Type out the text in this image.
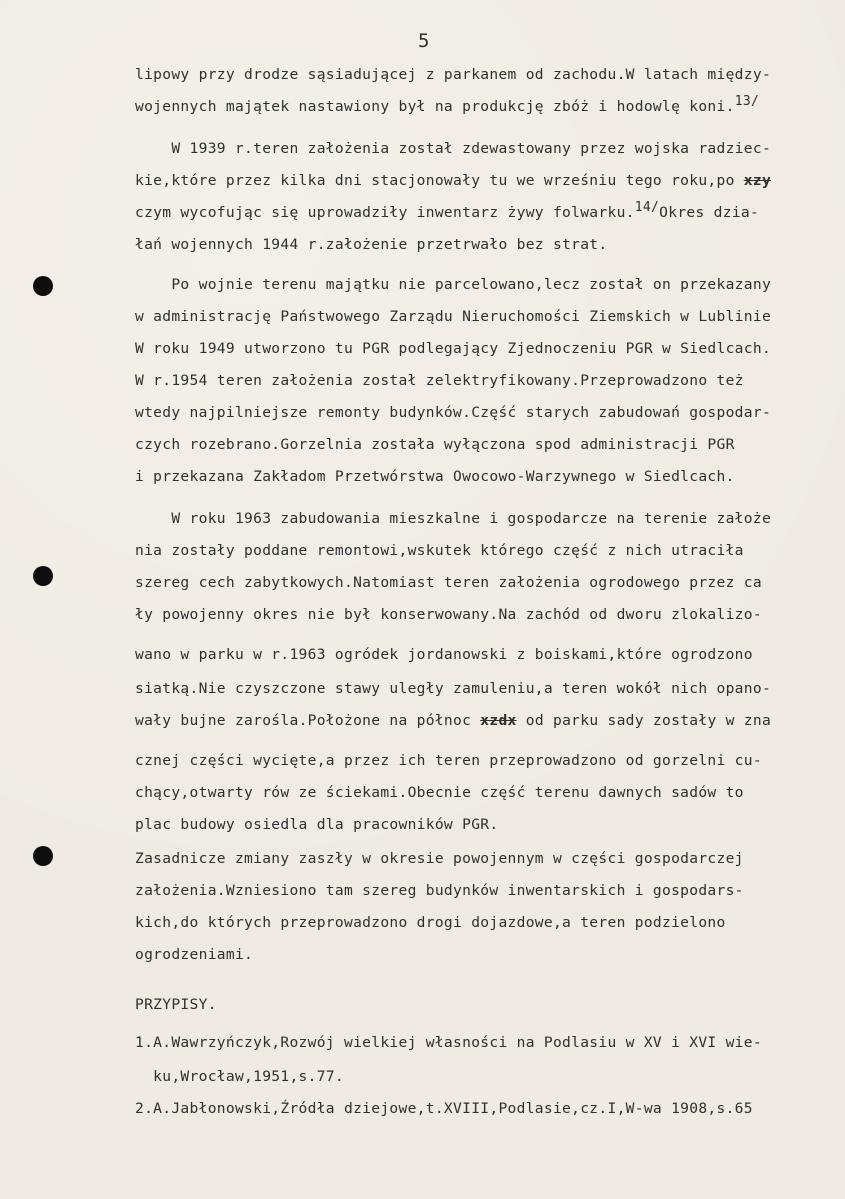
5
lipowy przy drodze sąsiadującej z parkanem od zachodu.W latach między-
wojennych majątek nastawiony był na produkcję zbóż i hodowlę koni.13/
W 1939 r.teren założenia został zdewastowany przez wojska radziec-
kie,które przez kilka dni stacjonowały tu we wrześniu tego roku,po xzy
czym wycofując się uprowadziły inwentarz żywy folwarku.14/Okres dzia-
łań wojennych 1944 r.założenie przetrwało bez strat.
Po wojnie terenu majątku nie parcelowano,lecz został on przekazany
w administrację Państwowego Zarządu Nieruchomości Ziemskich w Lublinie
W roku 1949 utworzono tu PGR podlegający Zjednoczeniu PGR w Siedlcach.
W r.1954 teren założenia został zelektryfikowany.Przeprowadzono też
wtedy najpilniejsze remonty budynków.Część starych zabudowań gospodar-
czych rozebrano.Gorzelnia została wyłączona spod administracji PGR
i przekazana Zakładom Przetwórstwa Owocowo-Warzywnego w Siedlcach.
W roku 1963 zabudowania mieszkalne i gospodarcze na terenie założe
nia zostały poddane remontowi,wskutek którego część z nich utraciła
szereg cech zabytkowych.Natomiast teren założenia ogrodowego przez ca
ły powojenny okres nie był konserwowany.Na zachód od dworu zlokalizo-
wano w parku w r.1963 ogródek jordanowski z boiskami,które ogrodzono
siatką.Nie czyszczone stawy uległy zamuleniu,a teren wokół nich opano-
wały bujne zarośla.Położone na północ xzdx od parku sady zostały w zna
cznej części wycięte,a przez ich teren przeprowadzono od gorzelni cu-
chący,otwarty rów ze ściekami.Obecnie część terenu dawnych sadów to
plac budowy osiedla dla pracowników PGR.
Zasadnicze zmiany zaszły w okresie powojennym w części gospodarczej
założenia.Wzniesiono tam szereg budynków inwentarskich i gospodars-
kich,do których przeprowadzono drogi dojazdowe,a teren podzielono
ogrodzeniami.
PRZYPISY.
1.A.Wawrzyńczyk,Rozwój wielkiej własności na Podlasiu w XV i XVI wie-
ku,Wrocław,1951,s.77.
2.A.Jabłonowski,Źródła dziejowe,t.XVIII,Podlasie,cz.I,W-wa 1908,s.65
